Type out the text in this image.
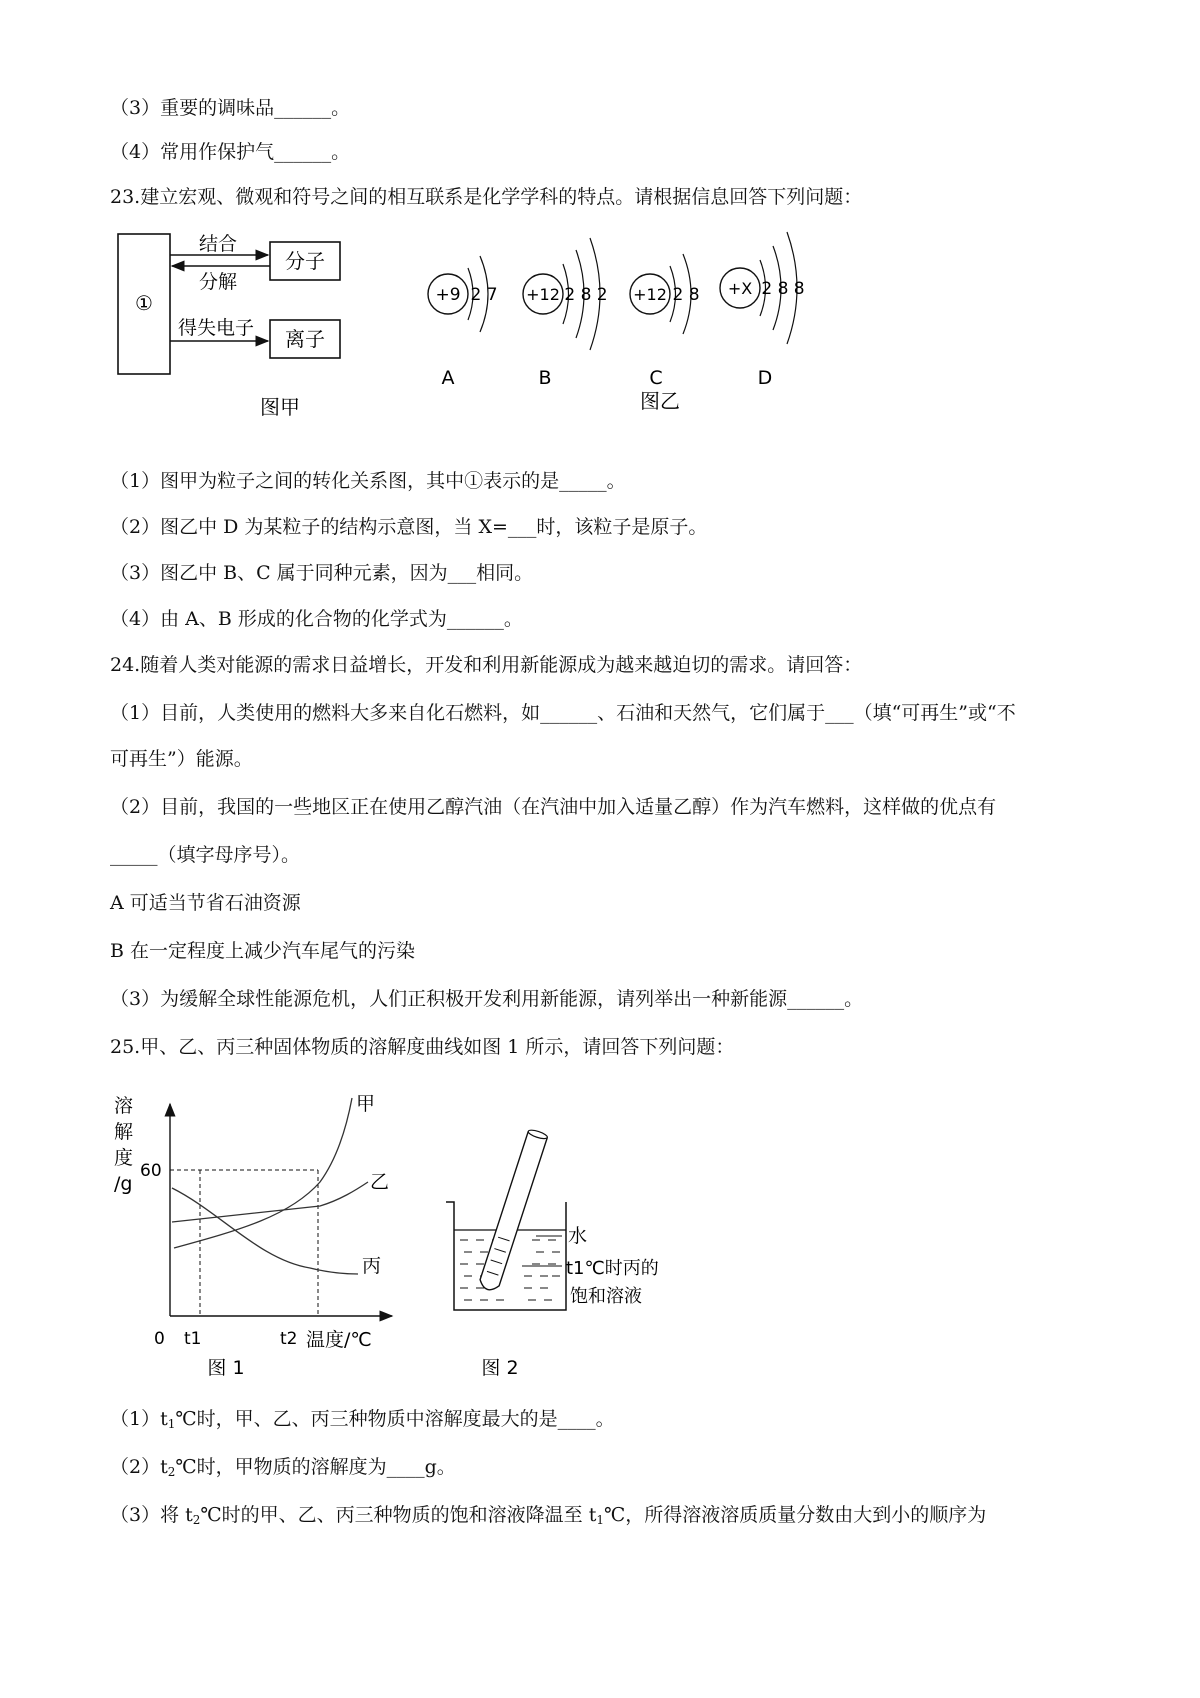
（3）重要的调味品______。
（4）常用作保护气______。
23.建立宏观、微观和符号之间的相互联系是化学学科的特点。请根据信息回答下列问题：
①
分子
离子
结合
分解
得失电子
图甲
+9 2 7
A
+12 2 8 2
B
+12 2 8
C
+X 2 8 8
D
图乙
（1）图甲为粒子之间的转化关系图，其中①表示的是_____。
（2）图乙中 D 为某粒子的结构示意图，当 X=___时，该粒子是原子。
（3）图乙中 B、C 属于同种元素，因为___相同。
（4）由 A、B 形成的化合物的化学式为______。
24.随着人类对能源的需求日益增长，开发和利用新能源成为越来越迫切的需求。请回答：
（1）目前，人类使用的燃料大多来自化石燃料，如______、石油和天然气，它们属于___（填“可再生”或“不
可再生”）能源。
（2）目前，我国的一些地区正在使用乙醇汽油（在汽油中加入适量乙醇）作为汽车燃料，这样做的优点有
_____（填字母序号）。
A 可适当节省石油资源
B 在一定程度上减少汽车尾气的污染
（3）为缓解全球性能源危机，人们正积极开发利用新能源，请列举出一种新能源______。
25.甲、乙、丙三种固体物质的溶解度曲线如图 1 所示，请回答下列问题：
溶
解
度
/g
60
甲
乙
丙
0 t1	t2 温度/℃
图 1
水
t1℃时丙的
饱和溶液
图 2
$(1)t_1℃$时，甲、乙、丙三种物质中溶解度最大的是____。
$(2)t_2℃$时，甲物质的溶解度为____g。
（3）将 $t_2℃$时的甲、乙、丙三种物质的饱和溶液降温至 $t_1℃$，所得溶液溶质质量分数由大到小的顺序为
